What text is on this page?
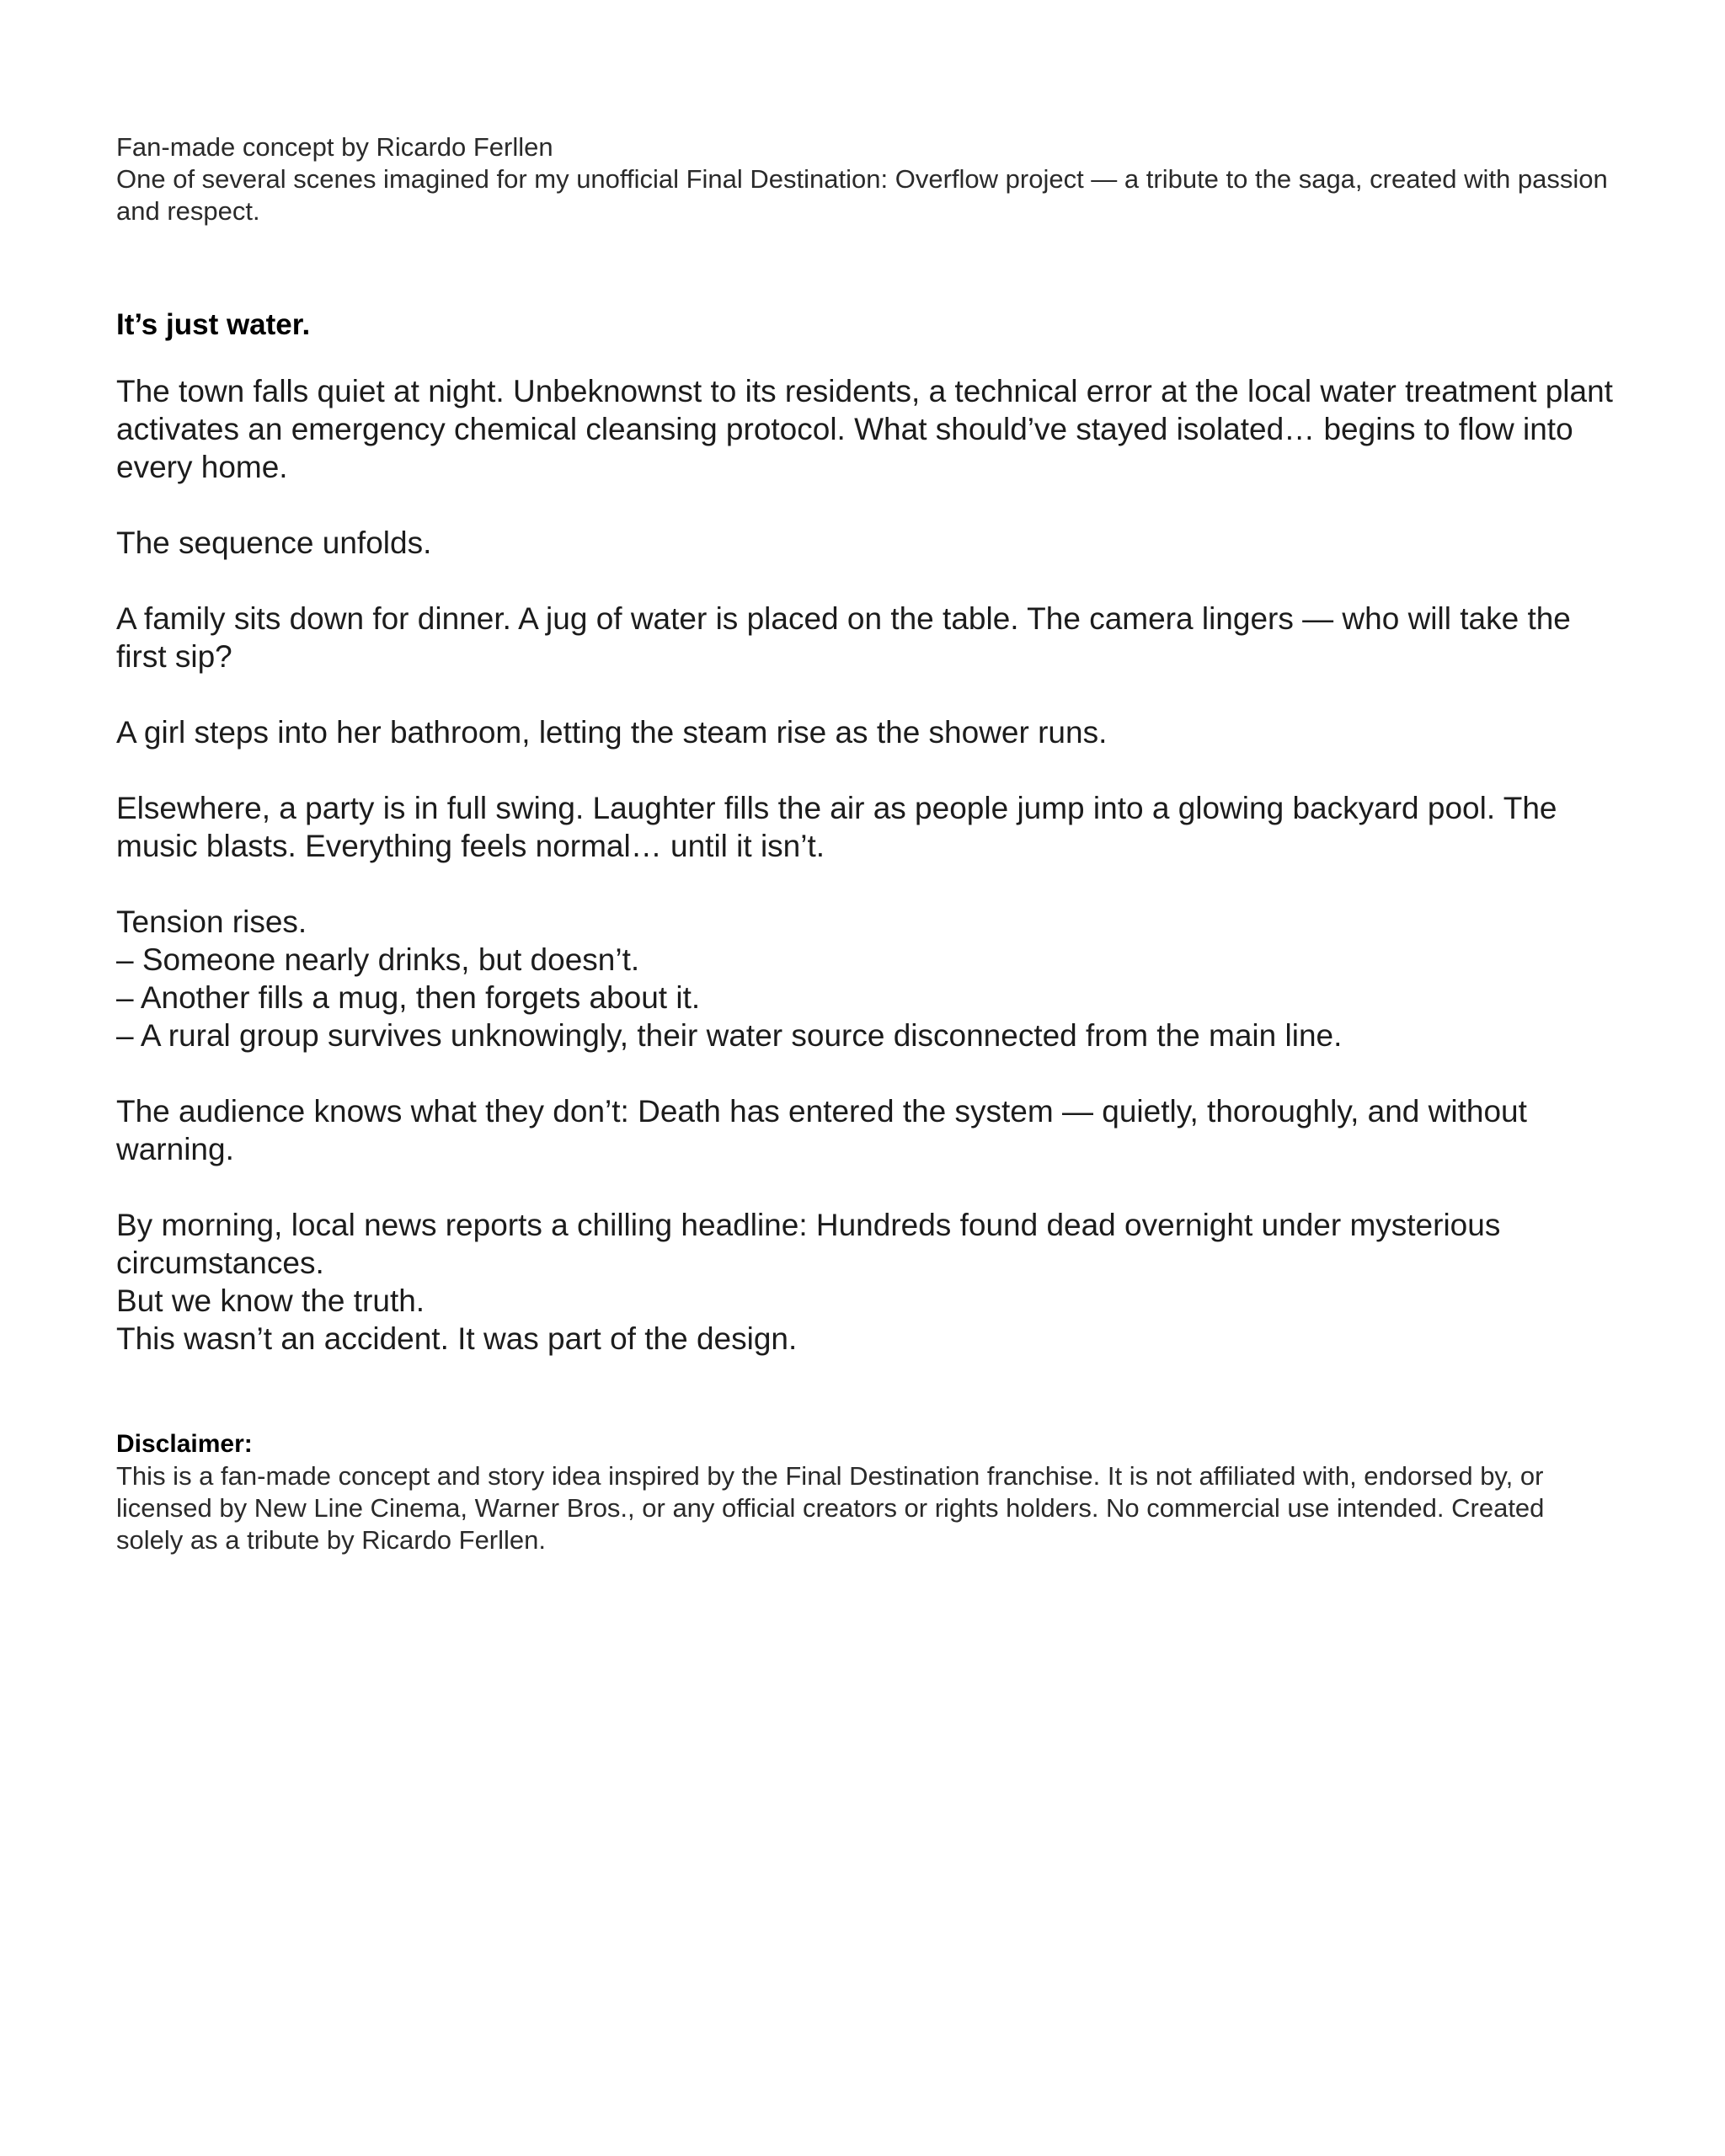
Fan-made concept by Ricardo Ferllen
One of several scenes imagined for my unofficial Final Destination: Overflow project — a tribute to the saga, created with passion and respect.
It’s just water.
The town falls quiet at night. Unbeknownst to its residents, a technical error at the local water treatment plant activates an emergency chemical cleansing protocol. What should’ve stayed isolated… begins to flow into every home.
The sequence unfolds.
A family sits down for dinner. A jug of water is placed on the table. The camera lingers — who will take the first sip?
A girl steps into her bathroom, letting the steam rise as the shower runs.
Elsewhere, a party is in full swing. Laughter fills the air as people jump into a glowing backyard pool. The music blasts. Everything feels normal… until it isn’t.
Tension rises.
– Someone nearly drinks, but doesn’t.
– Another fills a mug, then forgets about it.
– A rural group survives unknowingly, their water source disconnected from the main line.
The audience knows what they don’t: Death has entered the system — quietly, thoroughly, and without warning.
By morning, local news reports a chilling headline: Hundreds found dead overnight under mysterious circumstances.
But we know the truth.
This wasn’t an accident. It was part of the design.
Disclaimer:
This is a fan-made concept and story idea inspired by the Final Destination franchise. It is not affiliated with, endorsed by, or licensed by New Line Cinema, Warner Bros., or any official creators or rights holders. No commercial use intended. Created solely as a tribute by Ricardo Ferllen.
